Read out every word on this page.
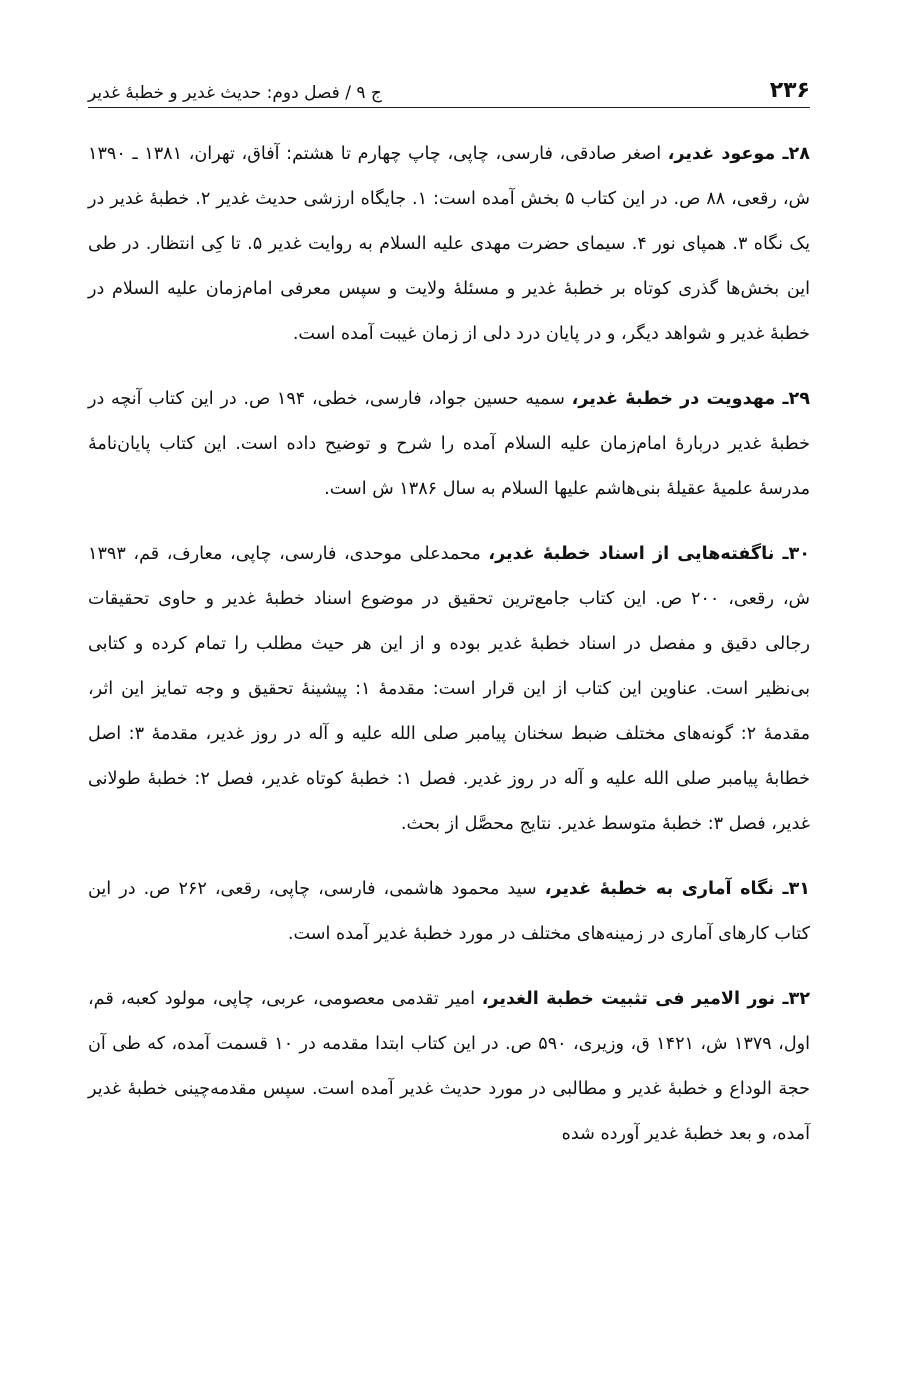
۲۳۶
ج ۹ / فصل دوم: حدیث غدیر و خطبهٔ غدیر

۲۸ـ موعود غدیر، اصغر صادقی، فارسی، چاپی، چاپ چهارم تا هشتم: آفاق، تهران، ۱۳۸۱ ـ ۱۳۹۰ ش، رقعی، ۸۸ ص. در این کتاب ۵ بخش آمده است: ۱. جایگاه ارزشی حدیث غدیر ۲. خطبهٔ غدیر در یک نگاه ۳. همپای نور ۴. سیمای حضرت مهدی علیه السلام به روایت غدیر ۵. تا کِی انتظار. در طی این بخش‌ها گذری کوتاه بر خطبهٔ غدیر و مسئلهٔ ولایت و سپس معرفی امام‌زمان علیه السلام در خطبهٔ غدیر و شواهد دیگر، و در پایان درد دلی از زمان غیبت آمده است.

۲۹ـ مهدویت در خطبهٔ غدیر، سمیه حسین جواد، فارسی، خطی، ۱۹۴ ص. در این کتاب آنچه در خطبهٔ غدیر دربارهٔ امام‌زمان علیه السلام آمده را شرح و توضیح داده است. این کتاب پایان‌نامهٔ مدرسهٔ علمیهٔ عقیلهٔ بنی‌هاشم علیها السلام به سال ۱۳۸۶ ش است.

۳۰ـ ناگفته‌هایی از اسناد خطبهٔ غدیر، محمدعلی موحدی، فارسی، چاپی، معارف، قم، ۱۳۹۳ ش، رقعی، ۲۰۰ ص. این کتاب جامع‌ترین تحقیق در موضوع اسناد خطبهٔ غدیر و حاوی تحقیقات رجالی دقیق و مفصل در اسناد خطبهٔ غدیر بوده و از این هر حیث مطلب را تمام کرده و کتابی بی‌نظیر است. عناوین این کتاب از این قرار است: مقدمهٔ ۱: پیشینهٔ تحقیق و وجه تمایز این اثر، مقدمهٔ ۲: گونه‌های مختلف ضبط سخنان پیامبر صلی الله علیه و آله در روز غدیر، مقدمهٔ ۳: اصل خطابهٔ پیامبر صلی الله علیه و آله در روز غدیر. فصل ۱: خطبهٔ کوتاه غدیر، فصل ۲: خطبهٔ طولانی غدیر، فصل ۳: خطبهٔ متوسط غدیر. نتایج محصَّل از بحث.

۳۱ـ نگاه آماری به خطبهٔ غدیر، سید محمود هاشمی، فارسی، چاپی، رقعی، ۲۶۲ ص. در این کتاب کارهای آماری در زمینه‌های مختلف در مورد خطبهٔ غدیر آمده است.

۳۲ـ نور الامیر فی تثبیت خطبة الغدیر، امیر تقدمی معصومی، عربی، چاپی، مولود کعبه، قم، اول، ۱۳۷۹ ش، ۱۴۲۱ ق، وزیری، ۵۹۰ ص. در این کتاب ابتدا مقدمه در ۱۰ قسمت آمده، که طی آن حجة الوداع و خطبهٔ غدیر و مطالبی در مورد حدیث غدیر آمده است. سپس مقدمه‌چینی خطبهٔ غدیر آمده، و بعد خطبهٔ غدیر آورده شده
